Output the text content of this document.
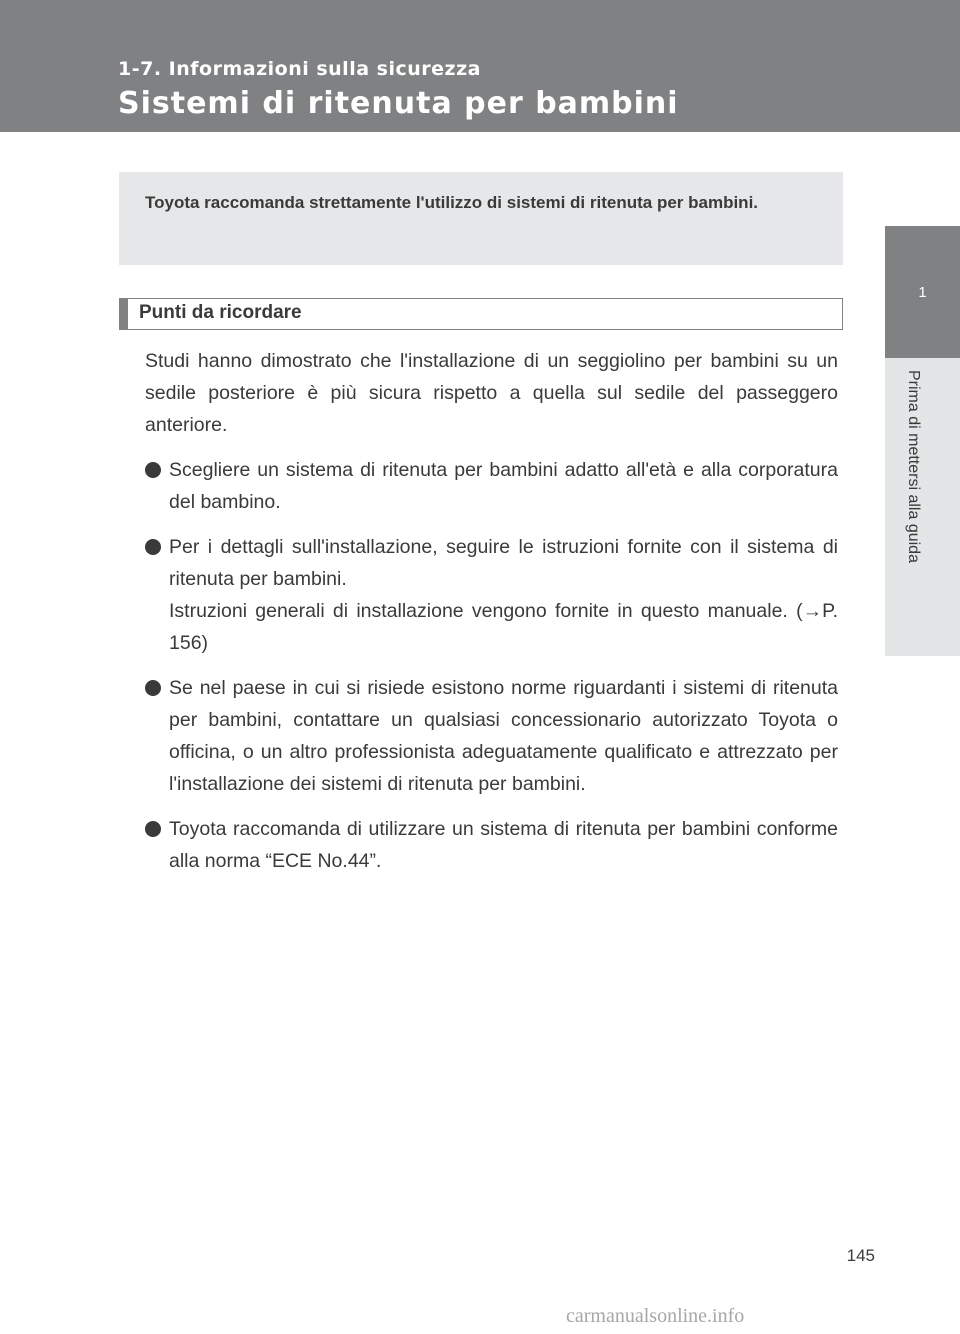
1-7. Informazioni sulla sicurezza
Sistemi di ritenuta per bambini
1
Prima di mettersi alla guida

Toyota raccomanda strettamente l'utilizzo di sistemi di ritenuta per bambini.

Punti da ricordare

Studi hanno dimostrato che l'installazione di un seggiolino per bambini su un sedile posteriore è più sicura rispetto a quella sul sedile del passeggero anteriore.

Scegliere un sistema di ritenuta per bambini adatto all'età e alla corporatura del bambino.

Per i dettagli sull'installazione, seguire le istruzioni fornite con il sistema di ritenuta per bambini.

Istruzioni generali di installazione vengono fornite in questo manuale. (→P. 156)

Se nel paese in cui si risiede esistono norme riguardanti i sistemi di ritenuta per bambini, contattare un qualsiasi concessionario autorizzato Toyota o officina, o un altro professionista adeguatamente qualificato e attrezzato per l'installazione dei sistemi di ritenuta per bambini.

Toyota raccomanda di utilizzare un sistema di ritenuta per bambini conforme alla norma “ECE No.44”.

145
carmanualsonline.info
